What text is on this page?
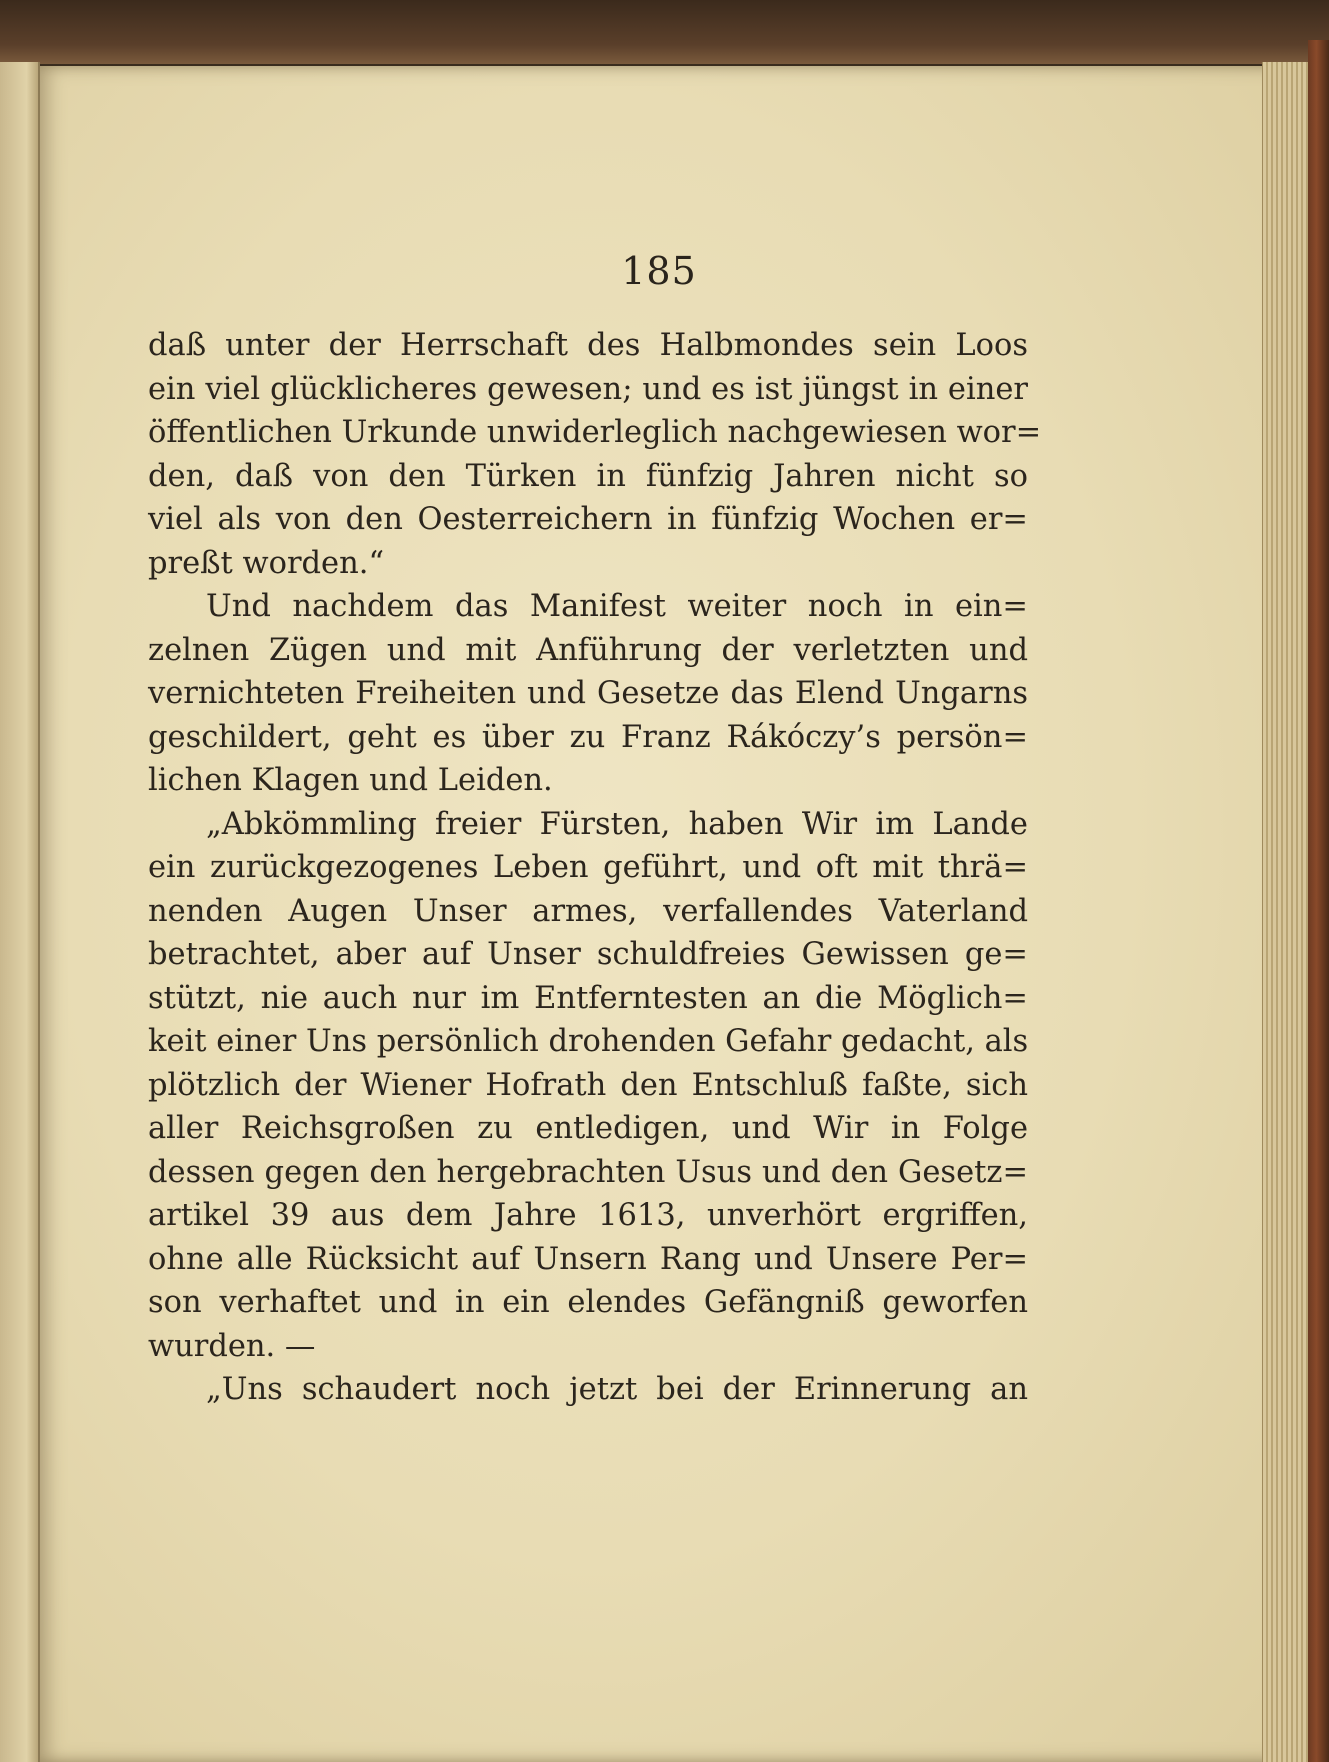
185
daß unter der Herrschaft des Halbmondes sein Loos
ein viel glücklicheres gewesen; und es ist jüngst in einer
öffentlichen Urkunde unwiderleglich nachgewiesen wor=
den, daß von den Türken in fünfzig Jahren nicht so
viel als von den Oesterreichern in fünfzig Wochen er=
preßt worden.“
Und nachdem das Manifest weiter noch in ein=
zelnen Zügen und mit Anführung der verletzten und
vernichteten Freiheiten und Gesetze das Elend Ungarns
geschildert, geht es über zu Franz Rákóczy’s persön=
lichen Klagen und Leiden.
„Abkömmling freier Fürsten, haben Wir im Lande
ein zurückgezogenes Leben geführt, und oft mit thrä=
nenden Augen Unser armes, verfallendes Vaterland
betrachtet, aber auf Unser schuldfreies Gewissen ge=
stützt, nie auch nur im Entferntesten an die Möglich=
keit einer Uns persönlich drohenden Gefahr gedacht, als
plötzlich der Wiener Hofrath den Entschluß faßte, sich
aller Reichsgroßen zu entledigen, und Wir in Folge
dessen gegen den hergebrachten Usus und den Gesetz=
artikel 39 aus dem Jahre 1613, unverhört ergriffen,
ohne alle Rücksicht auf Unsern Rang und Unsere Per=
son verhaftet und in ein elendes Gefängniß geworfen
wurden. —
„Uns schaudert noch jetzt bei der Erinnerung an
